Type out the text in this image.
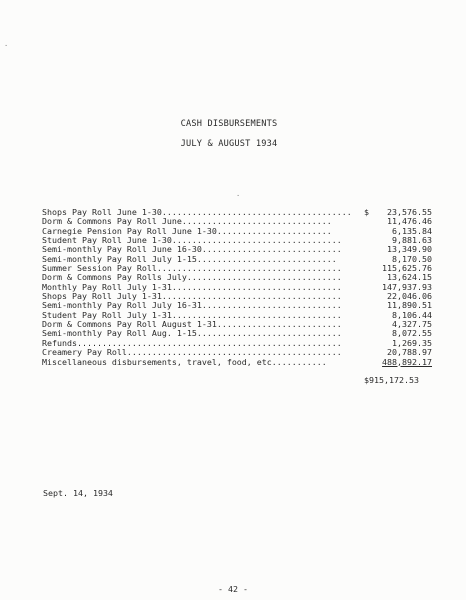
·
·
CASH DISBURSEMENTS
JULY & AUGUST 1934
Shops Pay Roll June 1-30 ......................................	$ 23,576.55
Dorm & Commons Pay Roll June ..............................	11,476.46
Carnegie Pension Pay Roll June 1-30 .......................	6,135.84
Student Pay Roll June 1-30 ..................................	9,881.63
Semi-monthly Pay Roll June 16-30 ............................	13,349.90
Semi-monthly Pay Roll July 1-15 ............................	8,170.50
Summer Session Pay Roll .....................................	115,625.76
Dorm & Commons Pay Rolls July ...............................	13,624.15
Monthly Pay Roll July 1-31 ..................................	147,937.93
Shops Pay Roll July 1-31 ....................................	22,046.06
Semi-monthly Pay Roll July 16-31 ............................	11,890.51
Student Pay Roll July 1-31 ..................................	8,106.44
Dorm & Commons Pay Roll August 1-31 .........................	4,327.75
Semi-monthly Pay Roll Aug. 1-15 .............................	8,072.55
Refunds .....................................................	1,269.35
Creamery Pay Roll ...........................................	20,788.97
Miscellaneous disbursements, travel, food, etc ...........	488,892.17
$915,172.53
Sept. 14, 1934
- 42 -
